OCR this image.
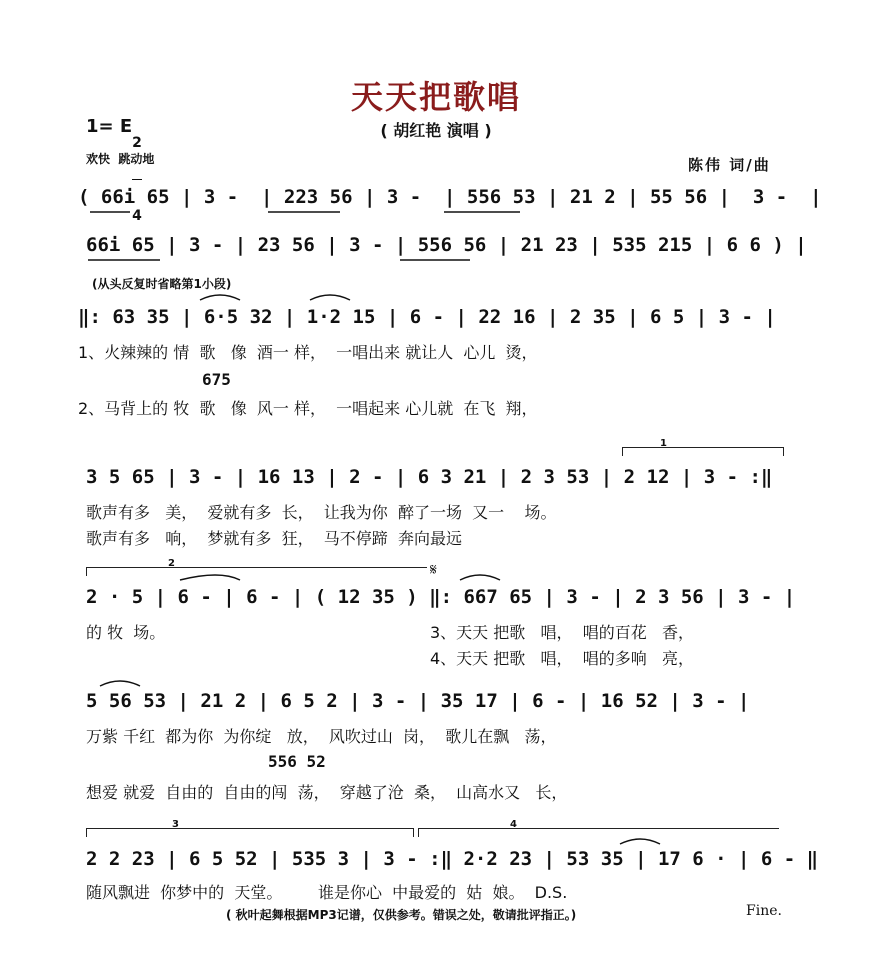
天天把歌唱
( 胡红艳 演唱 )
1= E

2

4

欢快  跳动地	陈伟 词/曲
( 66i 65 | 3 -  | 223 56 | 3 -  | 556 53 | 21 2 | 55 56 |  3 -  |
66i 65 | 3 - | 23 56 | 3 - | 556 56 | 21 23 | 535 215 | 6 6 ) |
(从头反复时省略第1小段)
‖: 63 35 | 6·5 32 | 1·2 15 | 6 - | 22 16 | 2 35 | 6 5 | 3 - |
1、火辣辣的 情  歌   像  酒一 样，  一唱出来 就让人  心儿  烫，
675
2、马背上的 牧  歌   像  风一 样，  一唱起来 心儿就  在飞  翔，
1
3 5 65 | 3 - | 16 13 | 2 - | 6 3 21 | 2 3 53 | 2 12 | 3 - :‖
歌声有多   美，  爱就有多  长，  让我为你  醉了一场  又一    场。
歌声有多   响，  梦就有多  狂，  马不停蹄  奔向最远
2	𝄋
2 · 5 | 6 - | 6 - | ( 12 35 ) ‖: 667 65 | 3 - | 2 3 56 | 3 - |
的 牧  场。	3、天天 把歌   唱，  唱的百花   香，
4、天天 把歌   唱，  唱的多响   亮，
5 56 53 | 21 2 | 6 5 2 | 3 - | 35 17 | 6 - | 16 52 | 3 - |
万紫 千红  都为你  为你绽   放，  风吹过山  岗，  歌儿在飘   荡，
556 52
想爱 就爱  自由的  自由的闯  荡，  穿越了沧  桑，  山高水又   长，
3	4
2 2 23 | 6 5 52 | 535 3 | 3 - :‖ 2·2 23 | 53 35 | 17 6 · | 6 - ‖
随风飘进  你梦中的  天堂。       谁是你心  中最爱的  姑  娘。  D.S.
( 秋叶起舞根据MP3记谱，仅供参考。错误之处，敬请批评指正。)	Fine.
